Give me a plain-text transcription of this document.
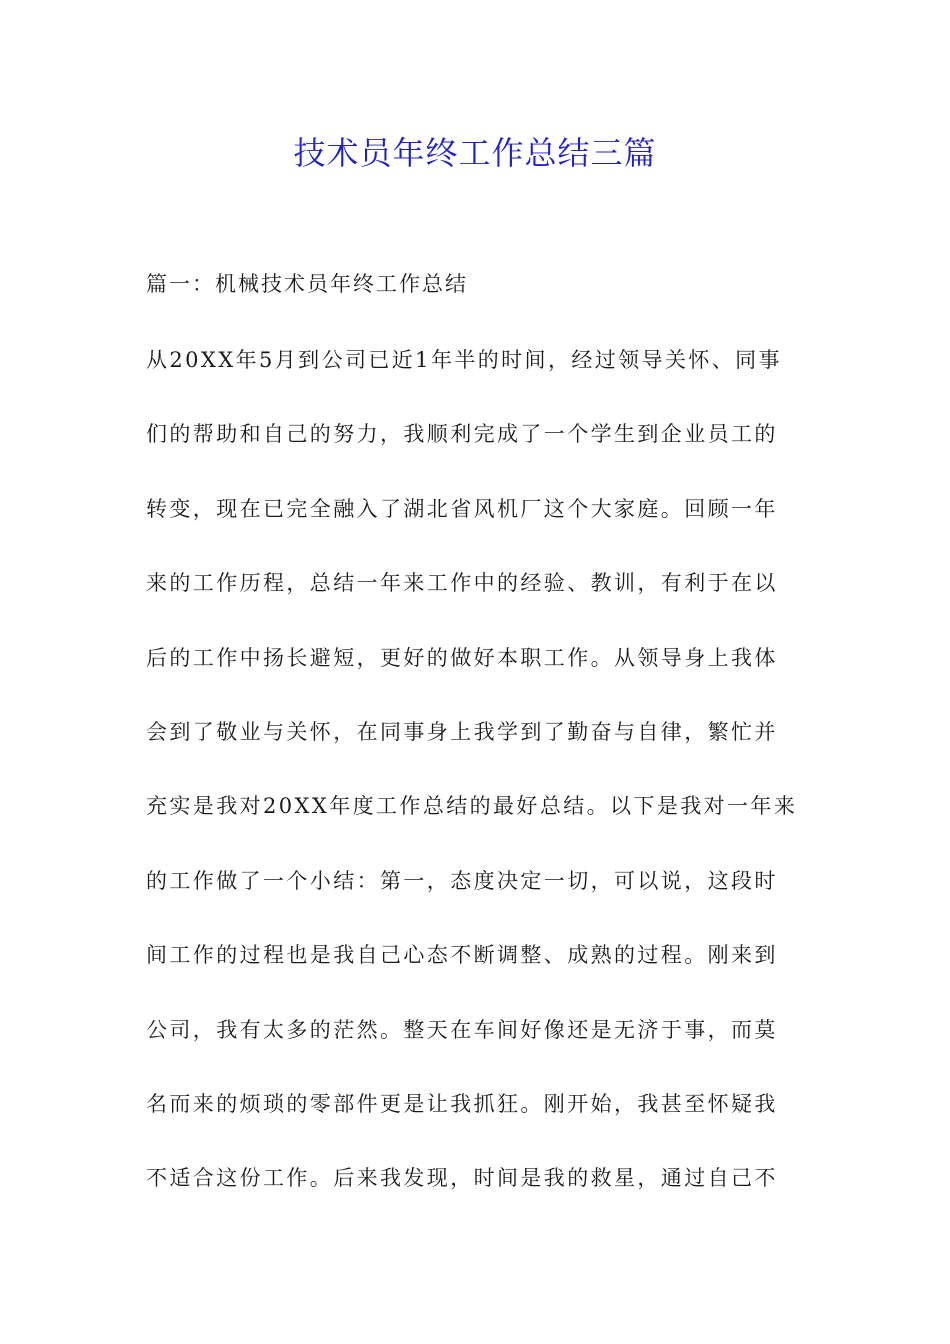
技术员年终工作总结三篇
篇一：机械技术员年终工作总结
从20XX年5月到公司已近1年半的时间，经过领导关怀、同事
们的帮助和自己的努力，我顺利完成了一个学生到企业员工的
转变，现在已完全融入了湖北省风机厂这个大家庭。回顾一年
来的工作历程，总结一年来工作中的经验、教训，有利于在以
后的工作中扬长避短，更好的做好本职工作。从领导身上我体
会到了敬业与关怀，在同事身上我学到了勤奋与自律，繁忙并
充实是我对20XX年度工作总结的最好总结。以下是我对一年来
的工作做了一个小结：第一，态度决定一切，可以说，这段时
间工作的过程也是我自己心态不断调整、成熟的过程。刚来到
公司，我有太多的茫然。整天在车间好像还是无济于事，而莫
名而来的烦琐的零部件更是让我抓狂。刚开始，我甚至怀疑我
不适合这份工作。后来我发现，时间是我的救星，通过自己不
